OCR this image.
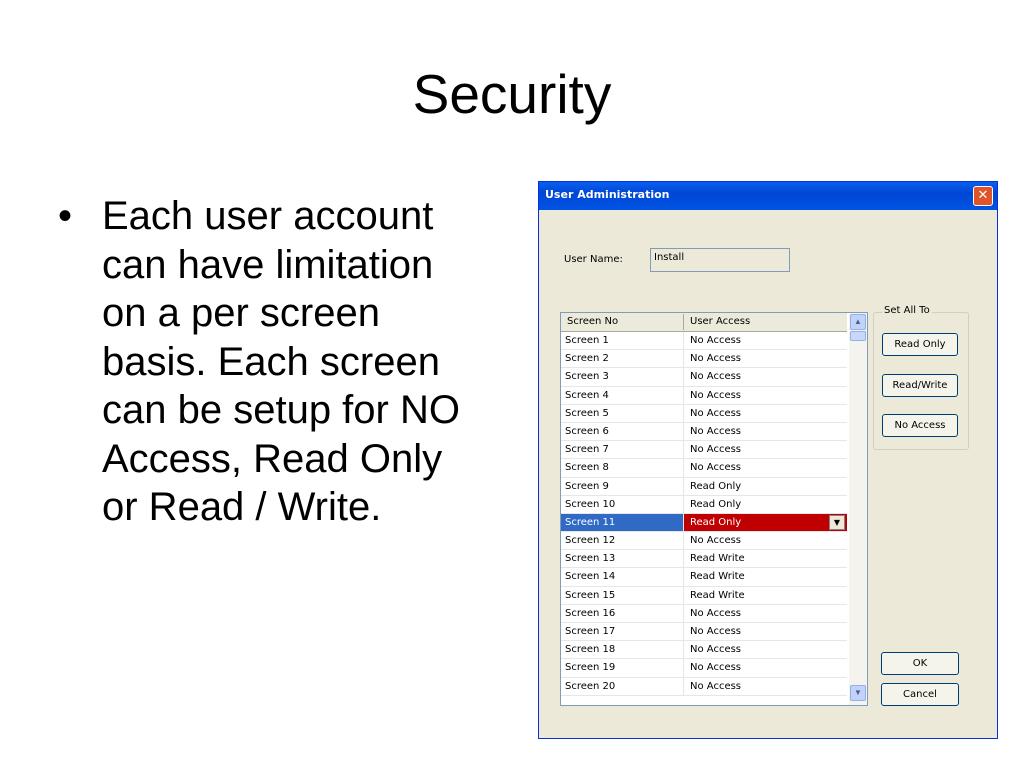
Security
• Each user account
can have limitation
on a per screen
basis. Each screen
can be setup for NO
Access, Read Only
or Read / Write.
User Administration	✕
User Name:	Install
Screen No	User Access
Screen 1	No Access
Screen 2	No Access
Screen 3	No Access
Screen 4	No Access
Screen 5	No Access
Screen 6	No Access
Screen 7	No Access
Screen 8	No Access
Screen 9	Read Only
Screen 10	Read Only
Screen 11	Read Only	▼
Screen 12	No Access
Screen 13	Read Write
Screen 14	Read Write
Screen 15	Read Write
Screen 16	No Access
Screen 17	No Access
Screen 18	No Access
Screen 19	No Access
Screen 20	No Access
▲
▼
Set All To
Read Only
Read/Write
No Access
OK
Cancel
